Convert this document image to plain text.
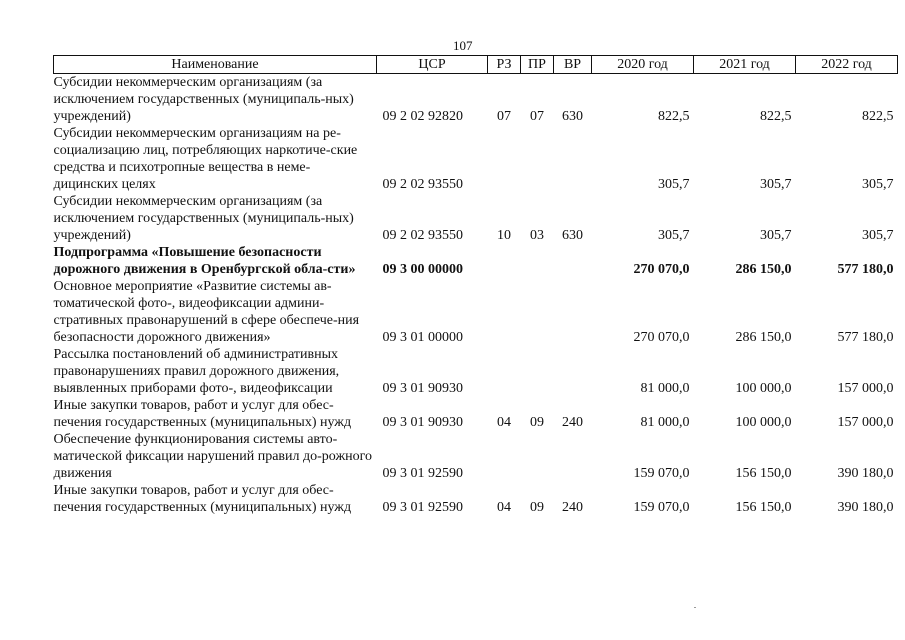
107
Наименование	ЦСР	РЗ	ПР	ВР	2020 год	2021 год	2022 год
Субсидии некоммерческим организациям (за исключением государственных (муниципаль-ных) учреждений)	09 2 02 92820	07	07	630	822,5	822,5	822,5
Субсидии некоммерческим организациям на ре-социализацию лиц, потребляющих наркотиче-ские средства и психотропные вещества в неме-дицинских целях	09 2 02 93550				305,7	305,7	305,7
Субсидии некоммерческим организациям (за исключением государственных (муниципаль-ных) учреждений)	09 2 02 93550	10	03	630	305,7	305,7	305,7
Подпрограмма «Повышение безопасности дорожного движения в Оренбургской обла-сти»	09 3 00 00000				270 070,0	286 150,0	577 180,0
Основное мероприятие «Развитие системы ав-томатической фото-, видеофиксации админи-стративных правонарушений в сфере обеспече-ния безопасности дорожного движения»	09 3 01 00000				270 070,0	286 150,0	577 180,0
Рассылка постановлений об административных правонарушениях правил дорожного движения, выявленных приборами фото-, видеофиксации	09 3 01 90930				81 000,0	100 000,0	157 000,0
Иные закупки товаров, работ и услуг для обес-печения государственных (муниципальных) нужд	09 3 01 90930	04	09	240	81 000,0	100 000,0	157 000,0
Обеспечение функционирования системы авто-матической фиксации нарушений правил до-рожного движения	09 3 01 92590				159 070,0	156 150,0	390 180,0
Иные закупки товаров, работ и услуг для обес-печения государственных (муниципальных) нужд	09 3 01 92590	04	09	240	159 070,0	156 150,0	390 180,0
